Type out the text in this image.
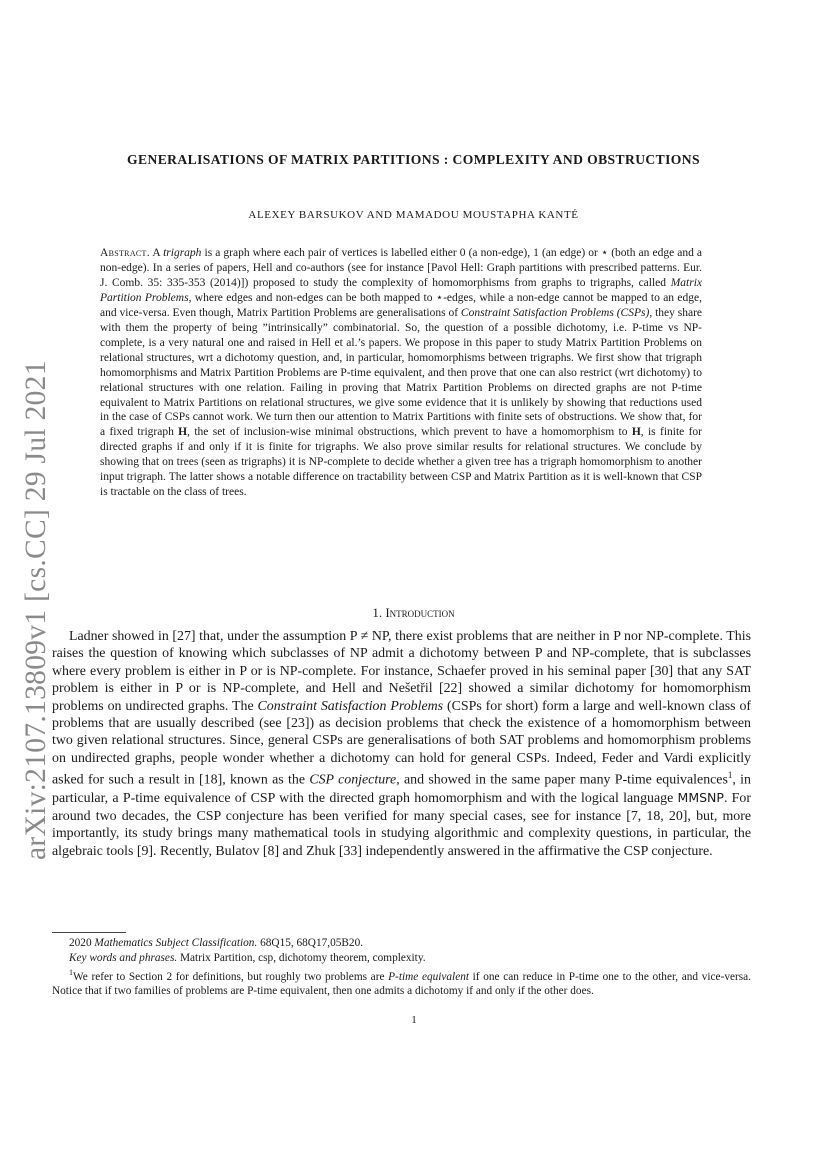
arXiv:2107.13809v1 [cs.CC] 29 Jul 2021
GENERALISATIONS OF MATRIX PARTITIONS : COMPLEXITY AND OBSTRUCTIONS
ALEXEY BARSUKOV AND MAMADOU MOUSTAPHA KANTÉ
Abstract. A trigraph is a graph where each pair of vertices is labelled either 0 (a non-edge), 1 (an edge) or ⋆ (both an edge and a non-edge). In a series of papers, Hell and co-authors (see for instance [Pavol Hell: Graph partitions with prescribed patterns. Eur. J. Comb. 35: 335-353 (2014)]) proposed to study the complexity of homomorphisms from graphs to trigraphs, called Matrix Partition Problems, where edges and non-edges can be both mapped to ⋆-edges, while a non-edge cannot be mapped to an edge, and vice-versa. Even though, Matrix Partition Problems are generalisations of Constraint Satisfaction Problems (CSPs), they share with them the property of being ”intrinsically” combinatorial. So, the question of a possible dichotomy, i.e. P-time vs NP-complete, is a very natural one and raised in Hell et al.’s papers. We propose in this paper to study Matrix Partition Problems on relational structures, wrt a dichotomy question, and, in particular, homomorphisms between trigraphs. We first show that trigraph homomorphisms and Matrix Partition Problems are P-time equivalent, and then prove that one can also restrict (wrt dichotomy) to relational structures with one relation. Failing in proving that Matrix Partition Problems on directed graphs are not P-time equivalent to Matrix Partitions on relational structures, we give some evidence that it is unlikely by showing that reductions used in the case of CSPs cannot work. We turn then our attention to Matrix Partitions with finite sets of obstructions. We show that, for a fixed trigraph H, the set of inclusion-wise minimal obstructions, which prevent to have a homomorphism to H, is finite for directed graphs if and only if it is finite for trigraphs. We also prove similar results for relational structures. We conclude by showing that on trees (seen as trigraphs) it is NP-complete to decide whether a given tree has a trigraph homomorphism to another input trigraph. The latter shows a notable difference on tractability between CSP and Matrix Partition as it is well-known that CSP is tractable on the class of trees.
1. Introduction
Ladner showed in [27] that, under the assumption P ≠ NP, there exist problems that are neither in P nor NP-complete. This raises the question of knowing which subclasses of NP admit a dichotomy between P and NP-complete, that is subclasses where every problem is either in P or is NP-complete. For instance, Schaefer proved in his seminal paper [30] that any SAT problem is either in P or is NP-complete, and Hell and Nešetřil [22] showed a similar dichotomy for homomorphism problems on undirected graphs. The Constraint Satisfaction Problems (CSPs for short) form a large and well-known class of problems that are usually described (see [23]) as decision problems that check the existence of a homomorphism between two given relational structures. Since, general CSPs are generalisations of both SAT problems and homomorphism problems on undirected graphs, people wonder whether a dichotomy can hold for general CSPs. Indeed, Feder and Vardi explicitly asked for such a result in [18], known as the CSP conjecture, and showed in the same paper many P-time equivalences$^1$, in particular, a P-time equivalence of CSP with the directed graph homomorphism and with the logical language MMSNP. For around two decades, the CSP conjecture has been verified for many special cases, see for instance [7, 18, 20], but, more importantly, its study brings many mathematical tools in studying algorithmic and complexity questions, in particular, the algebraic tools [9]. Recently, Bulatov [8] and Zhuk [33] independently answered in the affirmative the CSP conjecture.

2020 Mathematics Subject Classification. 68Q15, 68Q17,05B20.

Key words and phrases. Matrix Partition, csp, dichotomy theorem, complexity.

$^1$We refer to Section 2 for definitions, but roughly two problems are P-time equivalent if one can reduce in P-time one to the other, and vice-versa. Notice that if two families of problems are P-time equivalent, then one admits a dichotomy if and only if the other does.

1
